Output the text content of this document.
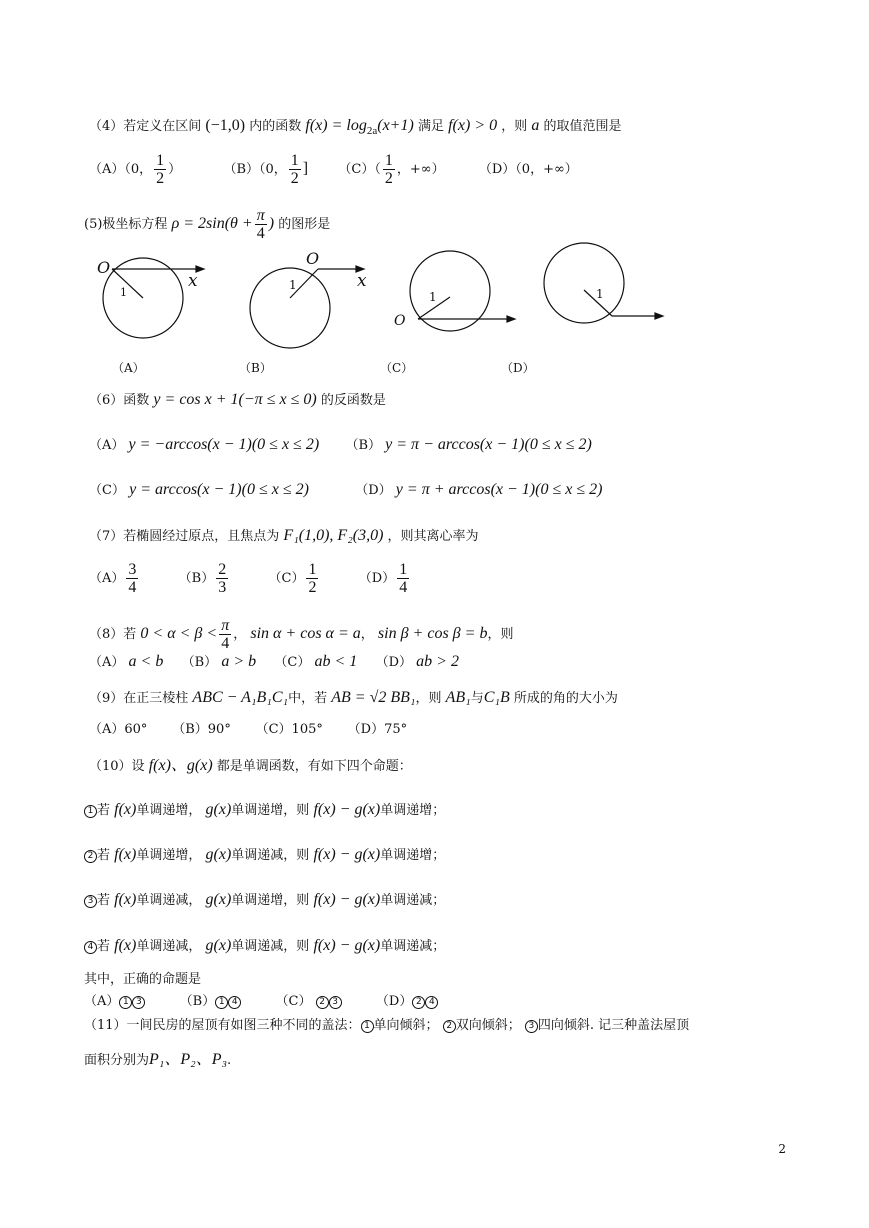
（4）若定义在区间 (−1,0) 内的函数 $f(x) = \log_{2a}(x+1)$ 满足 f(x) > 0 ，则 a 的取值范围是
（A）（0， $\frac{1}{2}$ ）	（B）（0， $\frac{1}{2}$ ] $(C)( \frac{1}{2}$ ，+∞）	（D）（0，+∞）
(5)极坐标方程 $\rho = 2\sin(\theta + \frac{\pi}{4}$ ) 的图形是
O
x
1
O
x
1
O
1	1
（A）	（B）	（C）	（D）
（6）函数 y = cos x + 1(−π ≤ x ≤ 0) 的反函数是
（A） y = −arccos(x − 1)(0 ≤ x ≤ 2) （B） y = π − arccos(x − 1)(0 ≤ x ≤ 2)
（C） y = arccos(x − 1)(0 ≤ x ≤ 2)	（D） y = π + arccos(x − 1)(0 ≤ x ≤ 2)
（7）若椭圆经过原点，且焦点为 F₁(1,0), F₂(3,0) ，则其离心率为
$(A) \frac{3}{4}$	$(B) \frac{2}{3}$	$(C) \frac{1}{2}$	$(D) \frac{1}{4}$
（8）若 $0 < \alpha < \beta < \frac{\pi}{4}$ ， sin α + cos α = a， sin β + cos β = b，则
（A） a < b （B） a > b （C） ab < 1 （D） ab > 2
（9）在正三棱柱 ABC − A₁B₁C₁中，若 AB = √2 BB₁，则 AB₁与C₁B 所成的角的大小为
（A）60°      （B）90°      （C）105°      （D）75°
（10）设 f(x)、g(x) 都是单调函数，有如下四个命题：
1 若 f(x)单调递增， g(x)单调递增，则 f(x) − g(x)单调递增；
2 若 f(x)单调递增， g(x)单调递减，则 f(x) − g(x)单调递增；
3 若 f(x)单调递减， g(x)单调递增，则 f(x) − g(x)单调递减；
4 若 f(x)单调递减， g(x)单调递减，则 f(x) − g(x)单调递减；
其中，正确的命题是
（A） 1 3	（B） 1 4	（C） 2 3	（D） 2 4
（11）一间民房的屋顶有如图三种不同的盖法： 1 单向倾斜； 2 双向倾斜； 3 四向倾斜. 记三种盖法屋顶
面积分别为P₁、P₂、P₃.
2
